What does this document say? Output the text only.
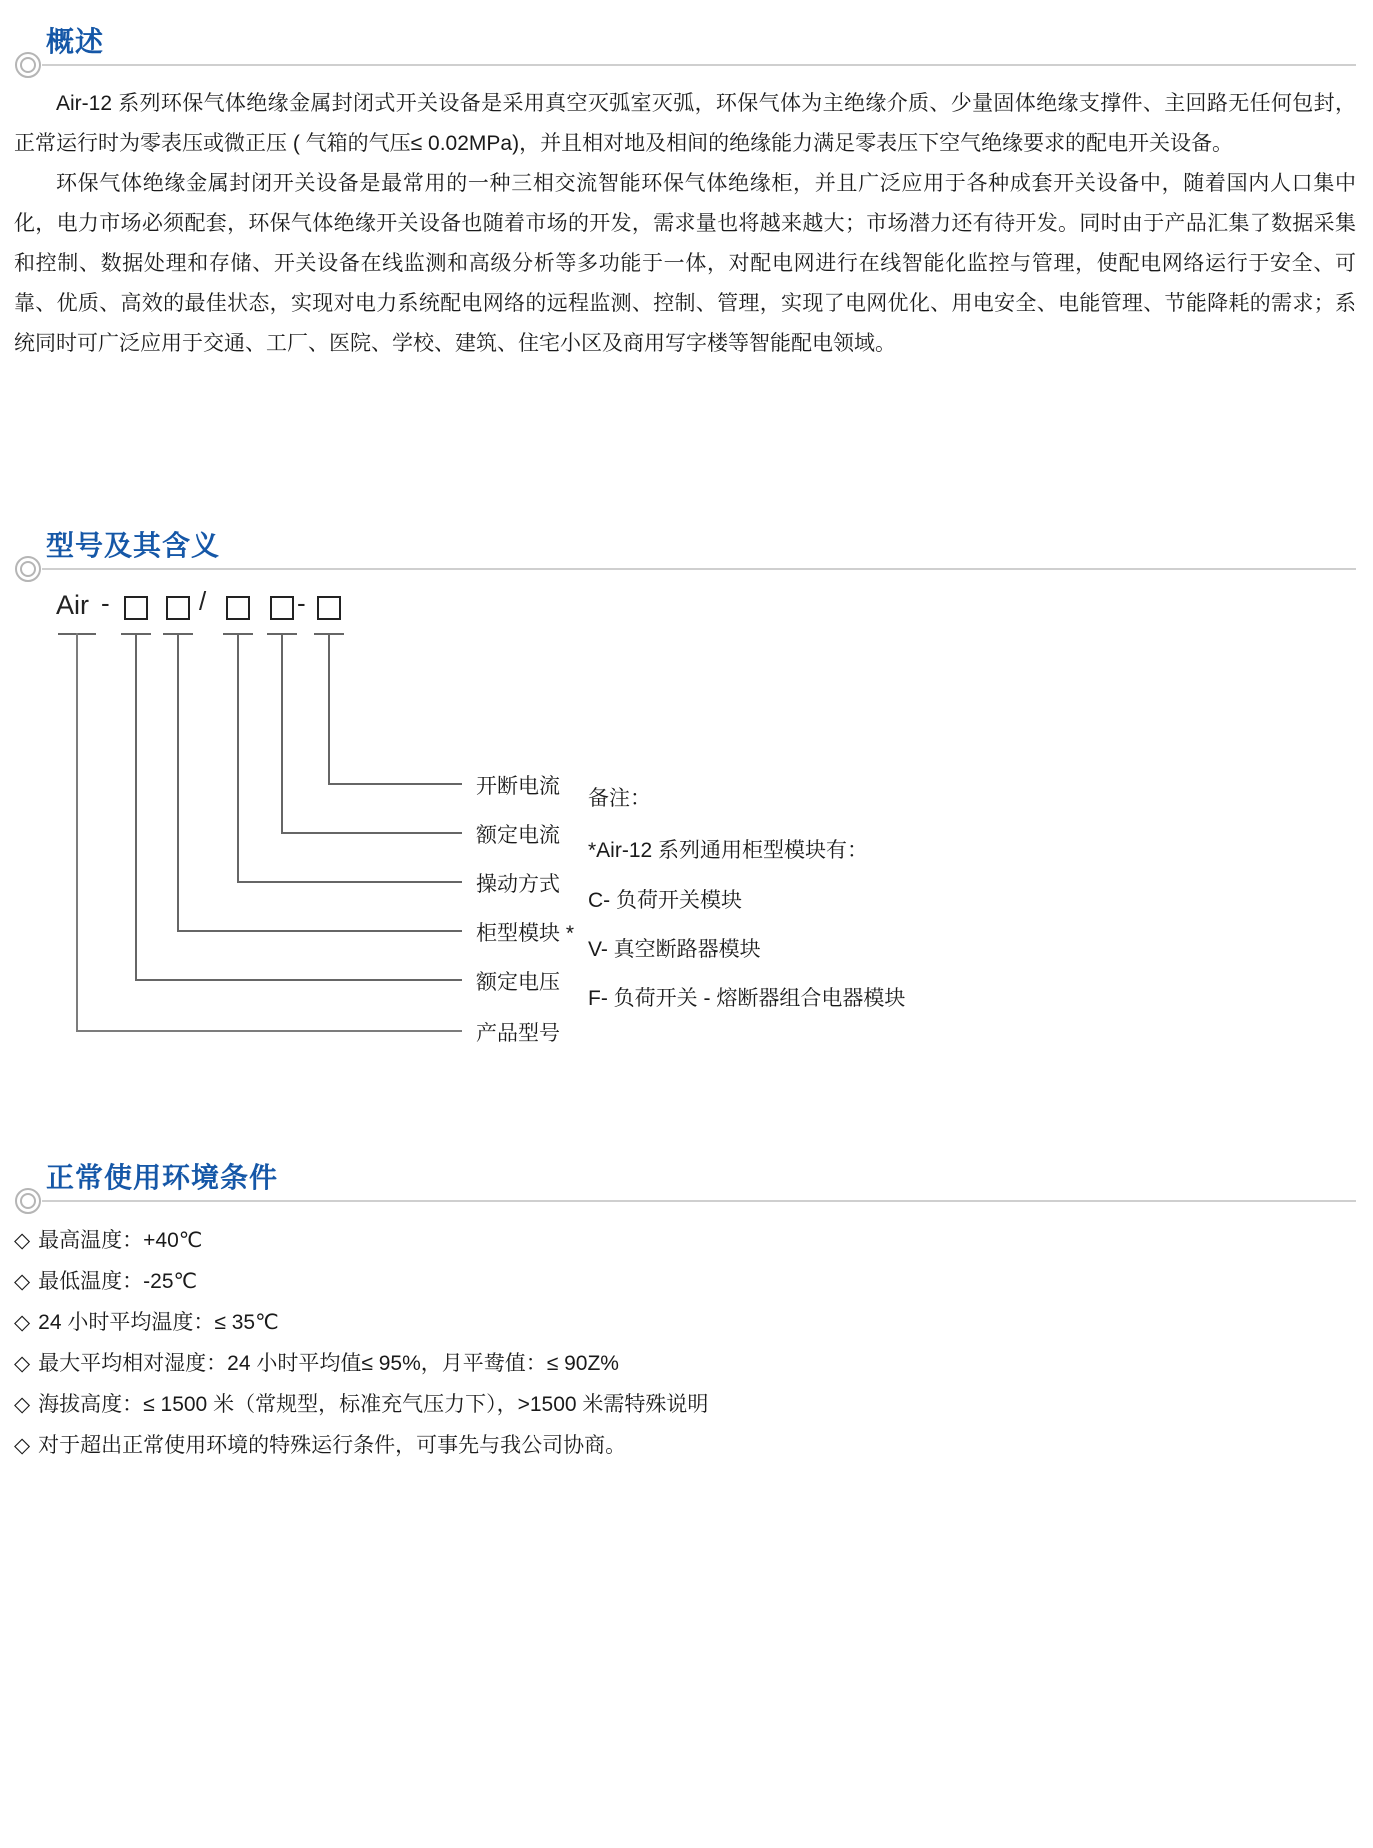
概述

Air-12 系列环保气体绝缘金属封闭式开关设备是采用真空灭弧室灭弧，环保气体为主绝缘介质、少量固体绝缘支撑件、主回路无任何包封，正常运行时为零表压或微正压 ( 气箱的气压≤ 0.02MPa)，并且相对地及相间的绝缘能力满足零表压下空气绝缘要求的配电开关设备。

环保气体绝缘金属封闭开关设备是最常用的一种三相交流智能环保气体绝缘柜，并且广泛应用于各种成套开关设备中，随着国内人口集中化，电力市场必须配套，环保气体绝缘开关设备也随着市场的开发，需求量也将越来越大；市场潜力还有待开发。同时由于产品汇集了数据采集和控制、数据处理和存储、开关设备在线监测和高级分析等多功能于一体，对配电网进行在线智能化监控与管理，使配电网络运行于安全、可靠、优质、高效的最佳状态，实现对电力系统配电网络的远程监测、控制、管理，实现了电网优化、用电安全、电能管理、节能降耗的需求；系统同时可广泛应用于交通、工厂、医院、学校、建筑、住宅小区及商用写字楼等智能配电领域。

型号及其含义
Air -	/	-
开断电流
额定电流
操动方式
柜型模块 *
额定电压
产品型号
备注：
*Air-12 系列通用柜型模块有：
C- 负荷开关模块
V- 真空断路器模块
F- 负荷开关 - 熔断器组合电器模块
正常使用环境条件
◇ 最高温度：+40℃
◇ 最低温度：-25℃
◇ 24 小时平均温度：≤ 35℃
◇ 最大平均相对湿度：24 小时平均值≤ 95%，月平鸯值：≤ 90Z%
◇ 海拔高度：≤ 1500 米（常规型，标准充气压力下），>1500 米需特殊说明
◇ 对于超出正常使用环境的特殊运行条件，可事先与我公司协商。
